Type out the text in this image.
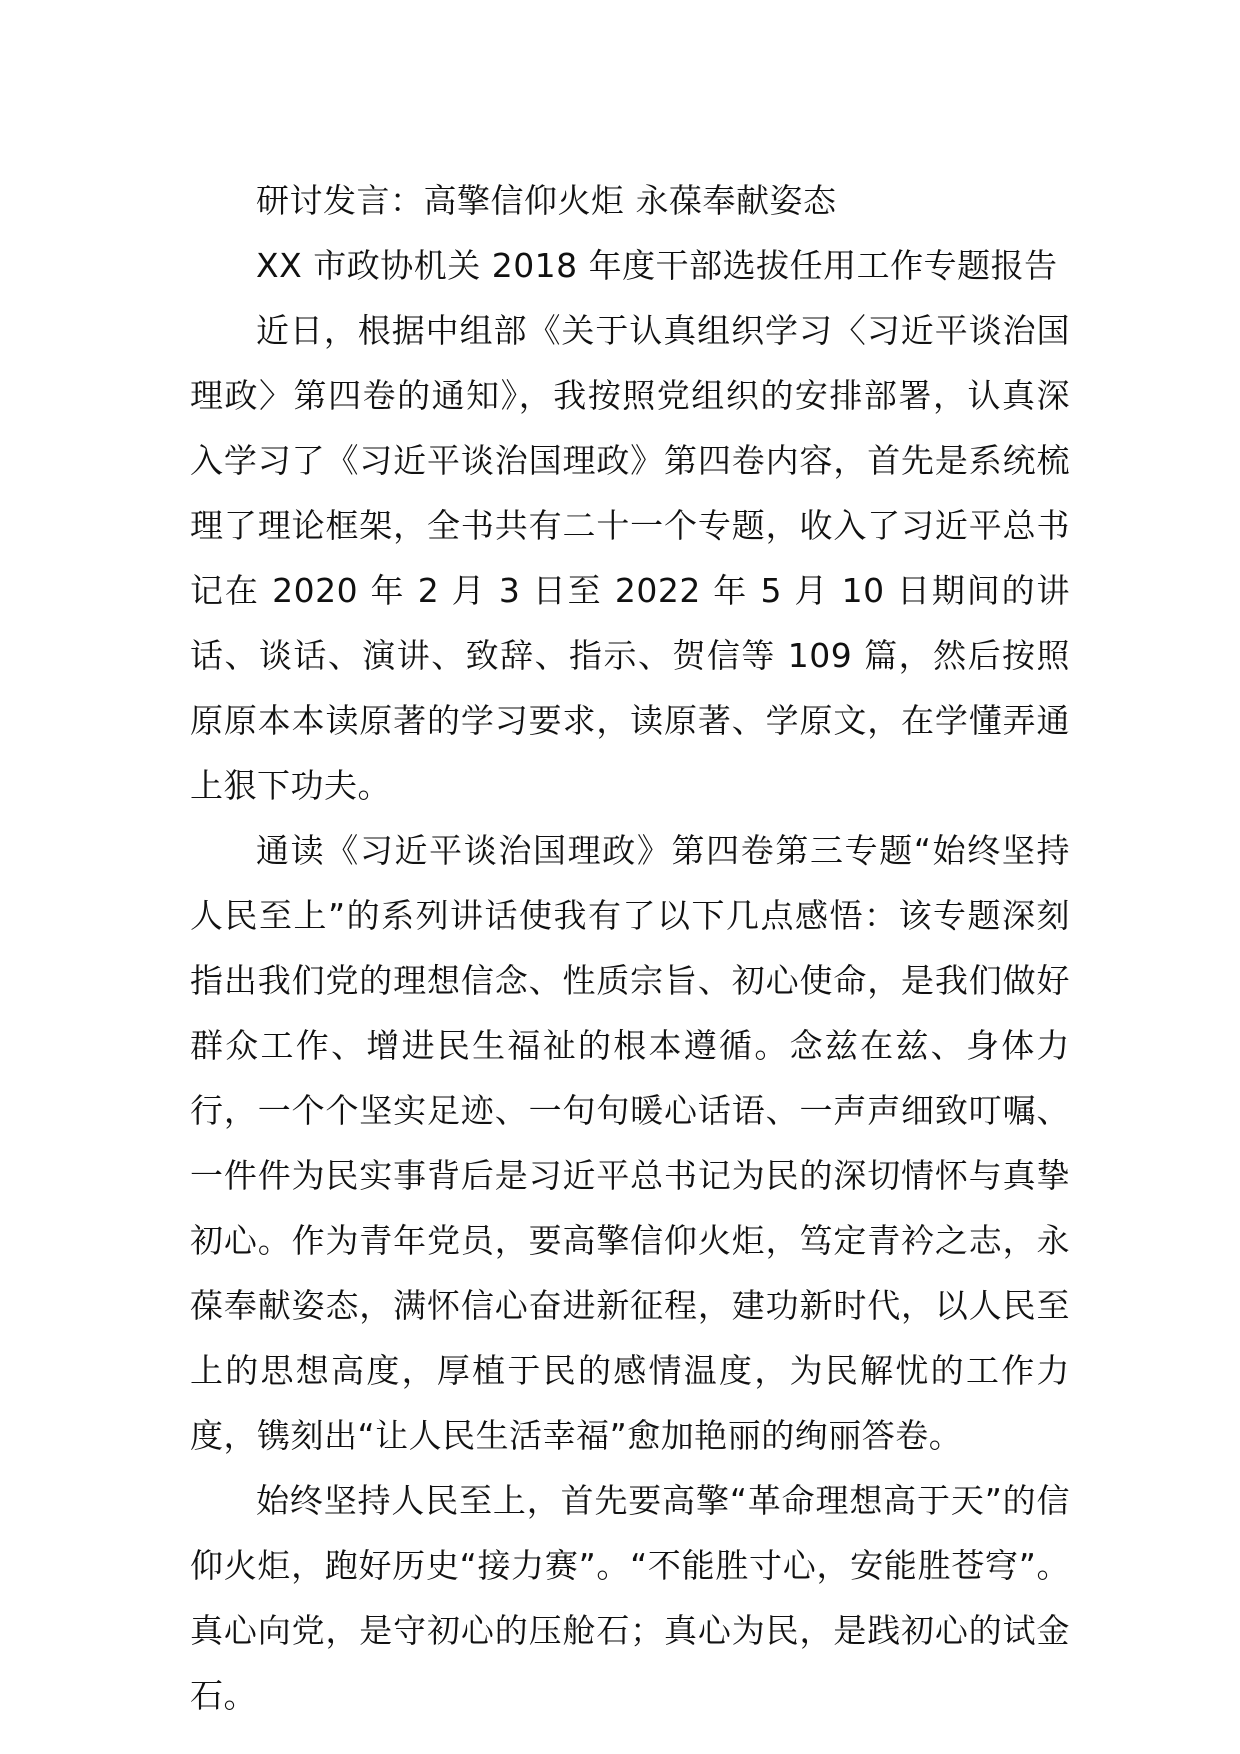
研讨发言：高擎信仰火炬 永葆奉献姿态

XX 市政协机关 2018 年度干部选拔任用工作专题报告

近日，根据中组部《关于认真组织学习〈习近平谈治国理政〉第四卷的通知》，我按照党组织的安排部署，认真深入学习了《习近平谈治国理政》第四卷内容，首先是系统梳理了理论框架，全书共有二十一个专题，收入了习近平总书记在 2020 年 2 月 3 日至 2022 年 5 月 10 日期间的讲话、谈话、演讲、致辞、指示、贺信等 109 篇，然后按照原原本本读原著的学习要求，读原著、学原文，在学懂弄通上狠下功夫。

通读《习近平谈治国理政》第四卷第三专题“始终坚持人民至上”的系列讲话使我有了以下几点感悟：该专题深刻指出我们党的理想信念、性质宗旨、初心使命，是我们做好群众工作、增进民生福祉的根本遵循。念兹在兹、身体力行，一个个坚实足迹、一句句暖心话语、一声声细致叮嘱、一件件为民实事背后是习近平总书记为民的深切情怀与真挚初心。作为青年党员，要高擎信仰火炬，笃定青衿之志，永葆奉献姿态，满怀信心奋进新征程，建功新时代，以人民至上的思想高度，厚植于民的感情温度，为民解忧的工作力度，镌刻出“让人民生活幸福”愈加艳丽的绚丽答卷。

始终坚持人民至上，首先要高擎“革命理想高于天”的信仰火炬，跑好历史“接力赛”。“不能胜寸心，安能胜苍穹”。真心向党，是守初心的压舱石；真心为民，是践初心的试金石。
